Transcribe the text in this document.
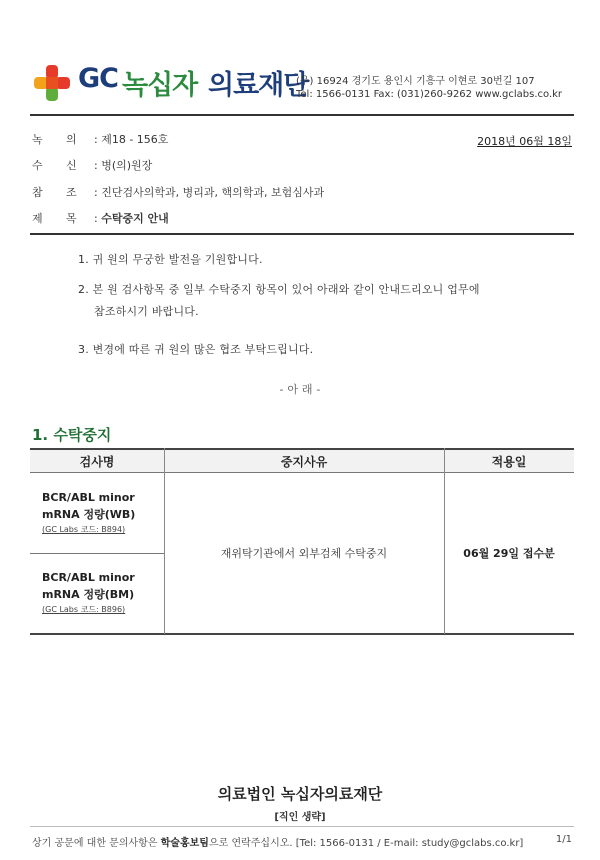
GC 녹십자 의료재단
(우) 16924 경기도 용인시 기흥구 이현로 30번길 107
Tel: 1566-0131 Fax: (031)260-9262 www.gclabs.co.kr
녹 의 : 제18 - 156호	2018년 06월 18일
수 신 : 병(의)원장
참 조 : 진단검사의학과, 병리과, 핵의학과, 보험심사과
제 목 : 수탁중지 안내
1. 귀 원의 무궁한 발전을 기원합니다.
2. 본 원 검사항목 중 일부 수탁중지 항목이 있어 아래와 같이 안내드리오니 업무에
참조하시기 바랍니다.
3. 변경에 따른 귀 원의 많은 협조 부탁드립니다.
- 아 래 -
1. 수탁중지
검사명	중지사유	적용일
BCR/ABL minor
mRNA 정량(WB)
(GC Labs 코드: B894)
BCR/ABL minor
mRNA 정량(BM)
(GC Labs 코드: B896)
재위탁기관에서 외부검체 수탁중지	06월 29일 접수분
의료법인 녹십자의료재단
[직인 생략]
상기 공문에 대한 문의사항은 학술홍보팀으로 연락주십시오. [Tel: 1566-0131 / E-mail: study@gclabs.co.kr]	1/1
